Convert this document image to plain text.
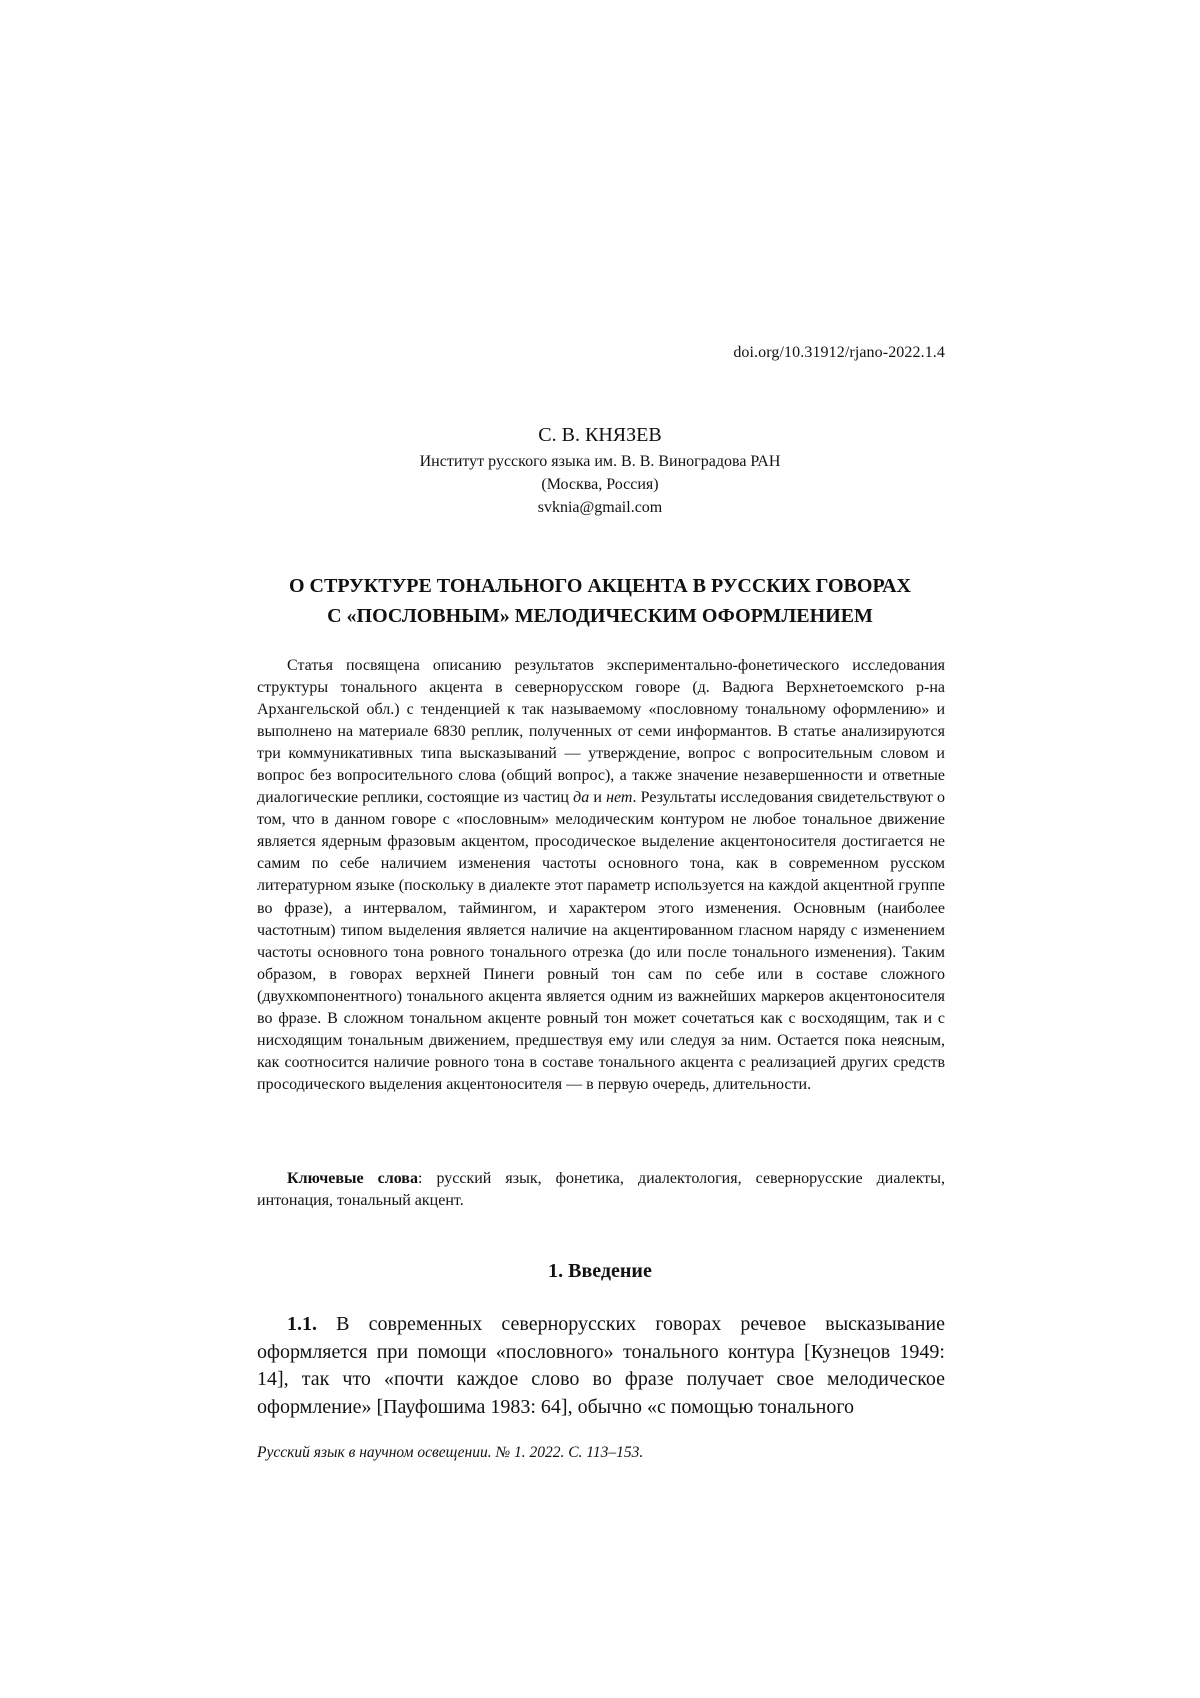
doi.org/10.31912/rjano-2022.1.4

С. В. КНЯЗЕВ

Институт русского языка им. В. В. Виноградова РАН

(Москва, Россия)

svknia@gmail.com

О СТРУКТУРЕ ТОНАЛЬНОГО АКЦЕНТА В РУССКИХ ГОВОРАХ
С «ПОСЛОВНЫМ» МЕЛОДИЧЕСКИМ ОФОРМЛЕНИЕМ

Статья посвящена описанию результатов экспериментально-фонетического исследования структуры тонального акцента в севернорусском говоре (д. Вадюга Верхнетоемского р-на Архангельской обл.) с тенденцией к так называемому «пословному тональному оформлению» и выполнено на материале 6830 реплик, полученных от семи информантов. В статье анализируются три коммуникативных типа высказываний — утверждение, вопрос с вопросительным словом и вопрос без вопросительного слова (общий вопрос), а также значение незавершенности и ответные диалогические реплики, состоящие из частиц да и нет. Результаты исследования свидетельствуют о том, что в данном говоре с «пословным» мелодическим контуром не любое тональное движение является ядерным фразовым акцентом, просодическое выделение акцентоносителя достигается не самим по себе наличием изменения частоты основного тона, как в современном русском литературном языке (поскольку в диалекте этот параметр используется на каждой акцентной группе во фразе), а интервалом, таймингом, и характером этого изменения. Основным (наиболее частотным) типом выделения является наличие на акцентированном гласном наряду с изменением частоты основного тона ровного тонального отрезка (до или после тонального изменения). Таким образом, в говорах верхней Пинеги ровный тон сам по себе или в составе сложного (двухкомпонентного) тонального акцента является одним из важнейших маркеров акцентоносителя во фразе. В сложном тональном акценте ровный тон может сочетаться как с восходящим, так и с нисходящим тональным движением, предшествуя ему или следуя за ним. Остается пока неясным, как соотносится наличие ровного тона в составе тонального акцента с реализацией других средств просодического выделения акцентоносителя — в первую очередь, длительности.

Ключевые слова: русский язык, фонетика, диалектология, севернорусские диалекты, интонация, тональный акцент.

1. Введение

1.1. В современных севернорусских говорах речевое высказывание оформляется при помощи «пословного» тонального контура [Кузнецов 1949: 14], так что «почти каждое слово во фразе получает свое мелодическое оформление» [Пауфошима 1983: 64], обычно «с помощью тонального

Русский язык в научном освещении. № 1. 2022. С. 113–153.
